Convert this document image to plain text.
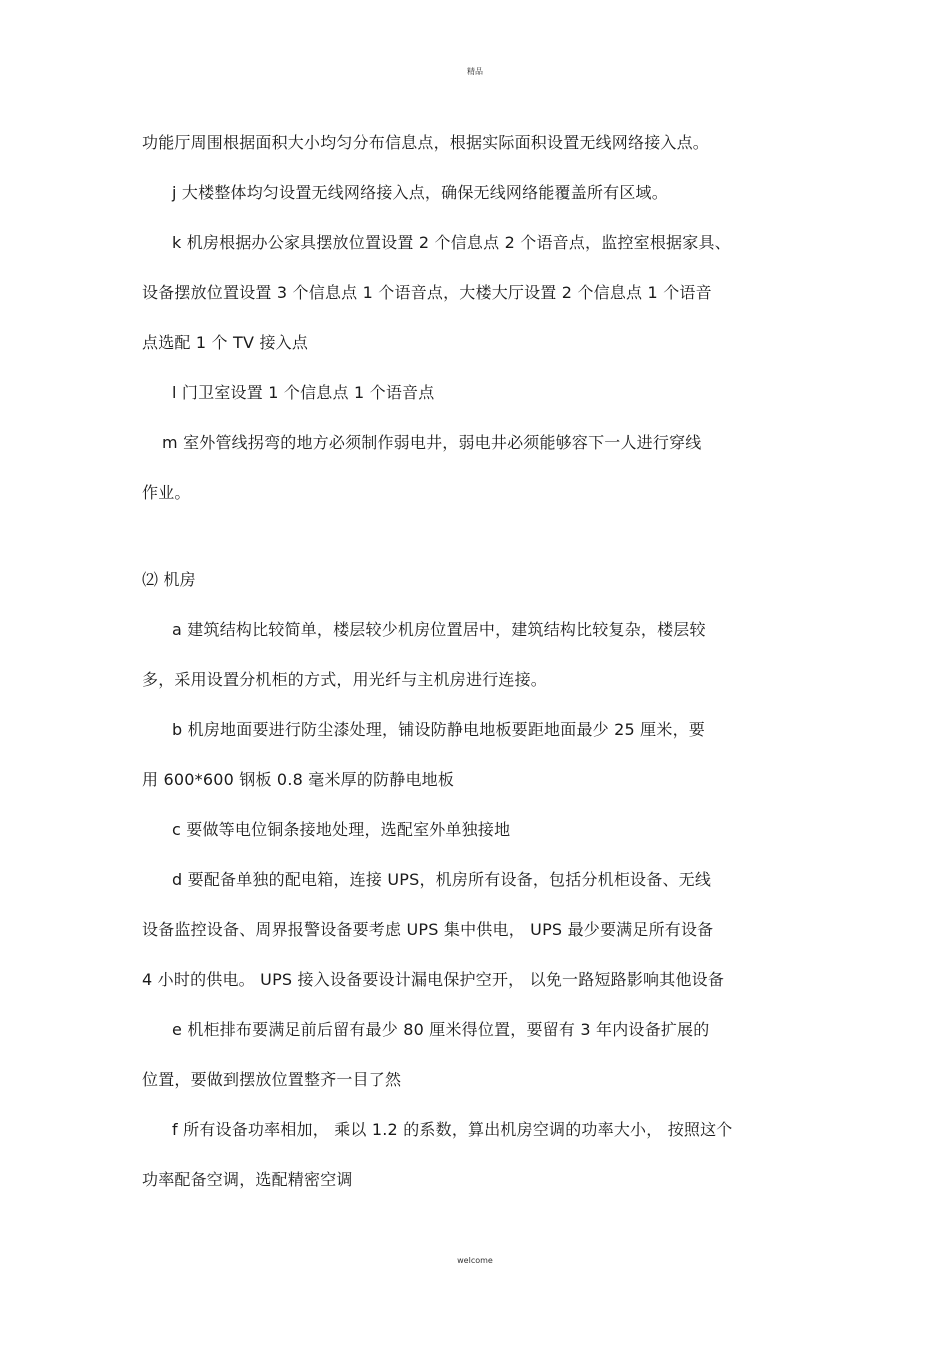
精品
功能厅周围根据面积大小均匀分布信息点，根据实际面积设置无线网络接入点。
j 大楼整体均匀设置无线网络接入点，确保无线网络能覆盖所有区域。
k 机房根据办公家具摆放位置设置 2 个信息点 2 个语音点，监控室根据家具、
设备摆放位置设置 3 个信息点 1 个语音点，大楼大厅设置 2 个信息点 1 个语音
点选配 1 个 TV 接入点
l 门卫室设置 1 个信息点 1 个语音点
m 室外管线拐弯的地方必须制作弱电井，弱电井必须能够容下一人进行穿线
作业。
⑵ 机房
a 建筑结构比较简单，楼层较少机房位置居中，建筑结构比较复杂，楼层较
多，采用设置分机柜的方式，用光纤与主机房进行连接。
b 机房地面要进行防尘漆处理，铺设防静电地板要距地面最少 25 厘米，要
用 600*600 钢板 0.8 毫米厚的防静电地板
c 要做等电位铜条接地处理，选配室外单独接地
d 要配备单独的配电箱，连接 UPS，机房所有设备，包括分机柜设备、无线
设备监控设备、周界报警设备要考虑 UPS 集中供电， UPS 最少要满足所有设备
4 小时的供电。 UPS 接入设备要设计漏电保护空开， 以免一路短路影响其他设备
e 机柜排布要满足前后留有最少 80 厘米得位置，要留有 3 年内设备扩展的
位置，要做到摆放位置整齐一目了然
f 所有设备功率相加， 乘以 1.2 的系数，算出机房空调的功率大小， 按照这个
功率配备空调，选配精密空调
welcome
